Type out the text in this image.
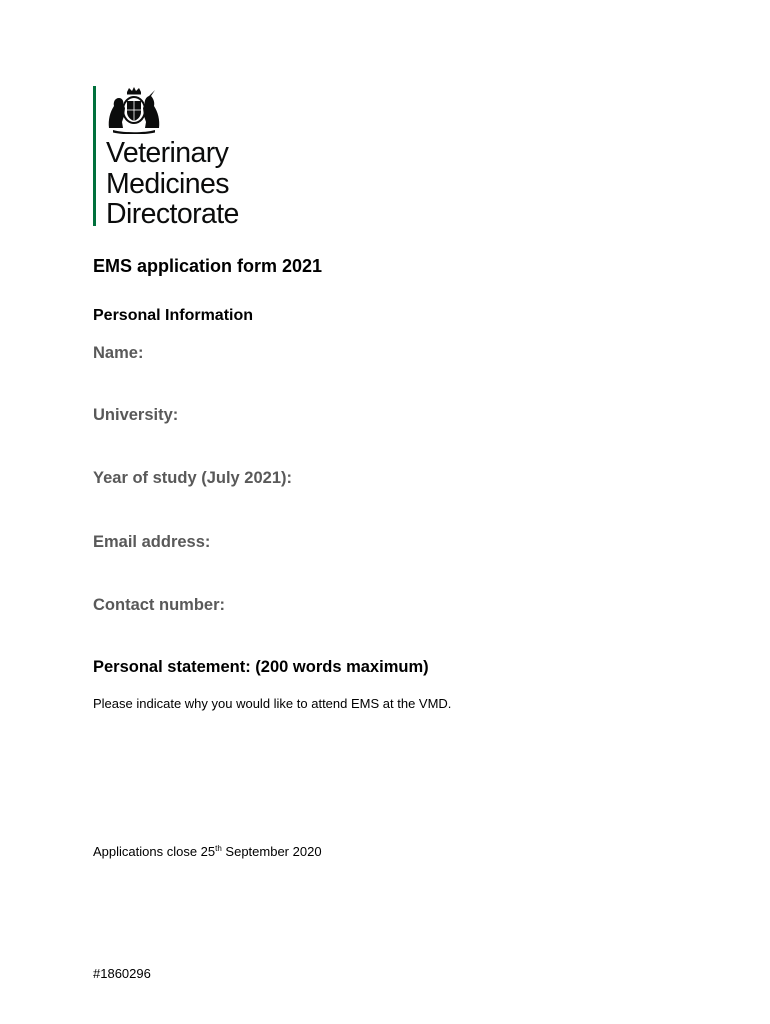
Veterinary
Medicines
Directorate
EMS application form 2021
Personal Information

Name:

University:

Year of study (July 2021):

Email address:

Contact number:

Personal statement: (200 words maximum)

Please indicate why you would like to attend EMS at the VMD.

Applications close 25th September 2020

#1860296
